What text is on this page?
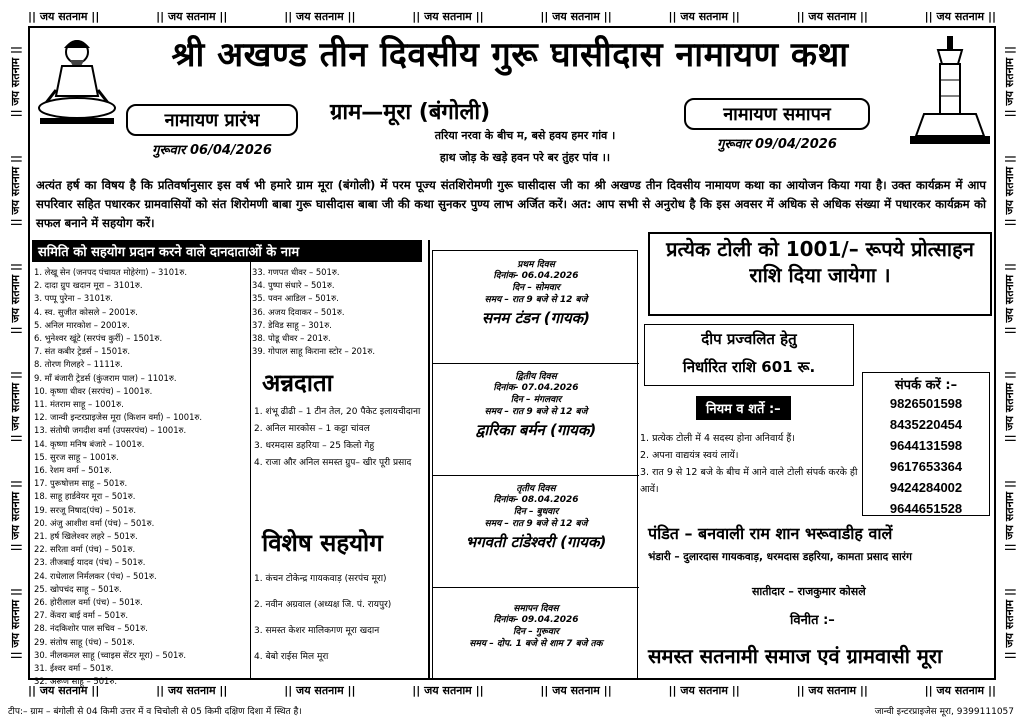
|| जय सतनाम ||	|| जय सतनाम ||	|| जय सतनाम ||	|| जय सतनाम ||	|| जय सतनाम ||	|| जय सतनाम ||	|| जय सतनाम ||	|| जय सतनाम ||
|| जय सतनाम ||	|| जय सतनाम ||	|| जय सतनाम ||	|| जय सतनाम ||	|| जय सतनाम ||	|| जय सतनाम ||	|| जय सतनाम ||	|| जय सतनाम ||
|| जय सतनाम ||
|| जय सतनाम ||
|| जय सतनाम ||
|| जय सतनाम ||
|| जय सतनाम ||
|| जय सतनाम ||
|| जय सतनाम ||
|| जय सतनाम ||
|| जय सतनाम ||
|| जय सतनाम ||
|| जय सतनाम ||
|| जय सतनाम ||
श्री अखण्ड तीन दिवसीय गुरू घासीदास नामायण कथा
नामायण प्रारंभ
गुरूवार 06/04/2026
नामायण समापन
गुरूवार 09/04/2026
ग्राम—मूरा (बंगोली)
तरिया नरवा के बीच म, बसे हवय हमर गांव ।
हाथ जोड़ के खड़े हवन परे बर तुंहर पांव ।।
अत्यंत हर्ष का विषय है कि प्रतिवर्षानुसार इस वर्ष भी हमारे ग्राम मूरा (बंगोली) में परम पूज्य संतशिरोमणी गुरू घासीदास जी का श्री अखण्ड तीन दिवसीय नामायण कथा का आयोजन किया गया है। उक्त कार्यक्रम में आप सपरिवार सहित पधारकर ग्रामवासियों को संत शिरोमणी बाबा गुरू घासीदास बाबा जी की कथा सुनकर पुण्य लाभ अर्जित करें। अत: आप सभी से अनुरोध है कि इस अवसर में अधिक से अधिक संख्या में पधारकर कार्यक्रम को सफल बनाने में सहयोग करें।
समिति को सहयोग प्रदान करने वाले दानदाताओं के नाम
1. लेखू सेन (जनपद पंचायत मोहेरंगा) – 3101रु.
2. दादा ग्रुप खदान मूरा – 3101रु.
3. पप्पू पुरेना – 3101रु.
4. स्व. सुजीत कोसले – 2001रु.
5. अनिल मारकोश – 2001रु.
6. भुनेश्वर खूंटे (सरपंच कुर्री) – 1501रु.
7. संत कबीर ट्रेडर्स – 1501रु.
8. तोरण गिलहरे – 1111रु.
9. माँ बंजारी ट्रेडर्स (कुंजराम पाल) – 1101रु.
10. कृष्णा धीवर (सरपंच) – 1001रु.
11. मंतराम साहू – 1001रु.
12. जान्वी इन्टरप्राइजेस मूरा (किशन वर्मा) – 1001रु.
13. संतोषी जगदीश वर्मा (उपसरपंच) – 1001रु.
14. कृष्णा मनिष बंजारे – 1001रु.
15. सुरज साहू – 1001रु.
16. रेशम वर्मा – 501रु.
17. पुरूषोत्तम साहू – 501रु.
18. साहू हार्डवेयर मूरा – 501रु.
19. सरजू निषाद(पंच) – 501रु.
20. अंजु आशीश वर्मा (पंच) – 501रु.
21. हर्ष खिलेश्वर लहरे – 501रु.
22. सरिता वर्मा (पंच) – 501रु.
23. तीजबाई यादव (पंच) – 501रु.
24. राधेलाल निर्मलकर (पंच) – 501रु.
25. खोपचंद साहू – 501रु.
26. होरीलाल वर्मा (पंच) – 501रु.
27. केंवरा बाई वर्मा – 501रु.
28. नंदकिशोर पाल सचिव – 501रु.
29. संतोष साहू (पंच) – 501रु.
30. नीलकमल साहू (च्वाइस सेंटर मूरा) – 501रु.
31. ईश्वर वर्मा – 501रु.
32. अरूण साहू – 501रु.
33. गणपत धीवर – 501रु.
34. पुष्पा संधारे – 501रु.
35. पवन आडिल – 501रु.
36. अजय दिवाकर – 501रु.
37. डेविड साहू – 301रु.
38. पोडू धीवर – 201रु.
39. गोपाल साहू किराना स्टोर – 201रु.
अन्नदाता
1. शंभू ढीढी – 1 टीन तेल, 20 पैकेट इलायचीदाना
2. अनिल मारकोस – 1 कट्टा चांवल
3. धरमदास डहरिया – 25 किलो गेहु
4. राजा और अनिल समस्त ग्रुप– खीर पूरी प्रसाद
विशेष सहयोग
1. कंचन टोकेन्द्र गायकवाड़ (सरपंच मूरा)
2. नवीन अग्रवाल (अध्यक्ष जि. पं. रायपुर)
3. समस्त केशर मालिकगण मूरा खदान
4. बेबो राईस मिल मूरा
प्रथम दिवस
दिनांक- 06.04.2026
दिन – सोमवार
समय – रात 9 बजे से 12 बजे
सनम टंडन (गायक)
द्वितीय दिवस
दिनांक- 07.04.2026
दिन – मंगलवार
समय – रात 9 बजे से 12 बजे
द्वारिका बर्मन (गायक)
तृतीय दिवस
दिनांक- 08.04.2026
दिन – बुधवार
समय – रात 9 बजे से 12 बजे
भगवती टांडेश्वरी (गायक)
समापन दिवस
दिनांक- 09.04.2026
दिन – गुरूवार
समय – दोप. 1 बजे से शाम 7 बजे तक
प्रत्येक टोली को 1001/– रूपये प्रोत्साहन राशि दिया जायेगा ।
दीप प्रज्वलित हेतु
निर्धारित राशि 601 रू.
नियम व शर्ते :–
1. प्रत्येक टोली में 4 सदस्य होना अनिवार्य हैं।
2. अपना वाद्ययंत्र स्वयं लायें।
3. रात 9 से 12 बजे के बीच में आने वाले टोली संपर्क करके ही आवें।
संपर्क करें :–
9826501598
8435220454
9644131598
9617653364
9424284002
9644651528
पंडित – बनवाली राम शान भरूवाडीह वालें
भंडारी – दुलारदास गायकवाड़, धरमदास डहरिया, कामता प्रसाद सारंग
सातीदार – राजकुमार कोसले
विनीत :–
समस्त सतनामी समाज एवं ग्रामवासी मूरा
टीप:– ग्राम – बंगोली से 04 किमी उत्तर में व चिचोली से 05 किमी दक्षिण दिशा में स्थित है।	जान्वी इन्टरप्राइजेस मूरा, 9399111057
